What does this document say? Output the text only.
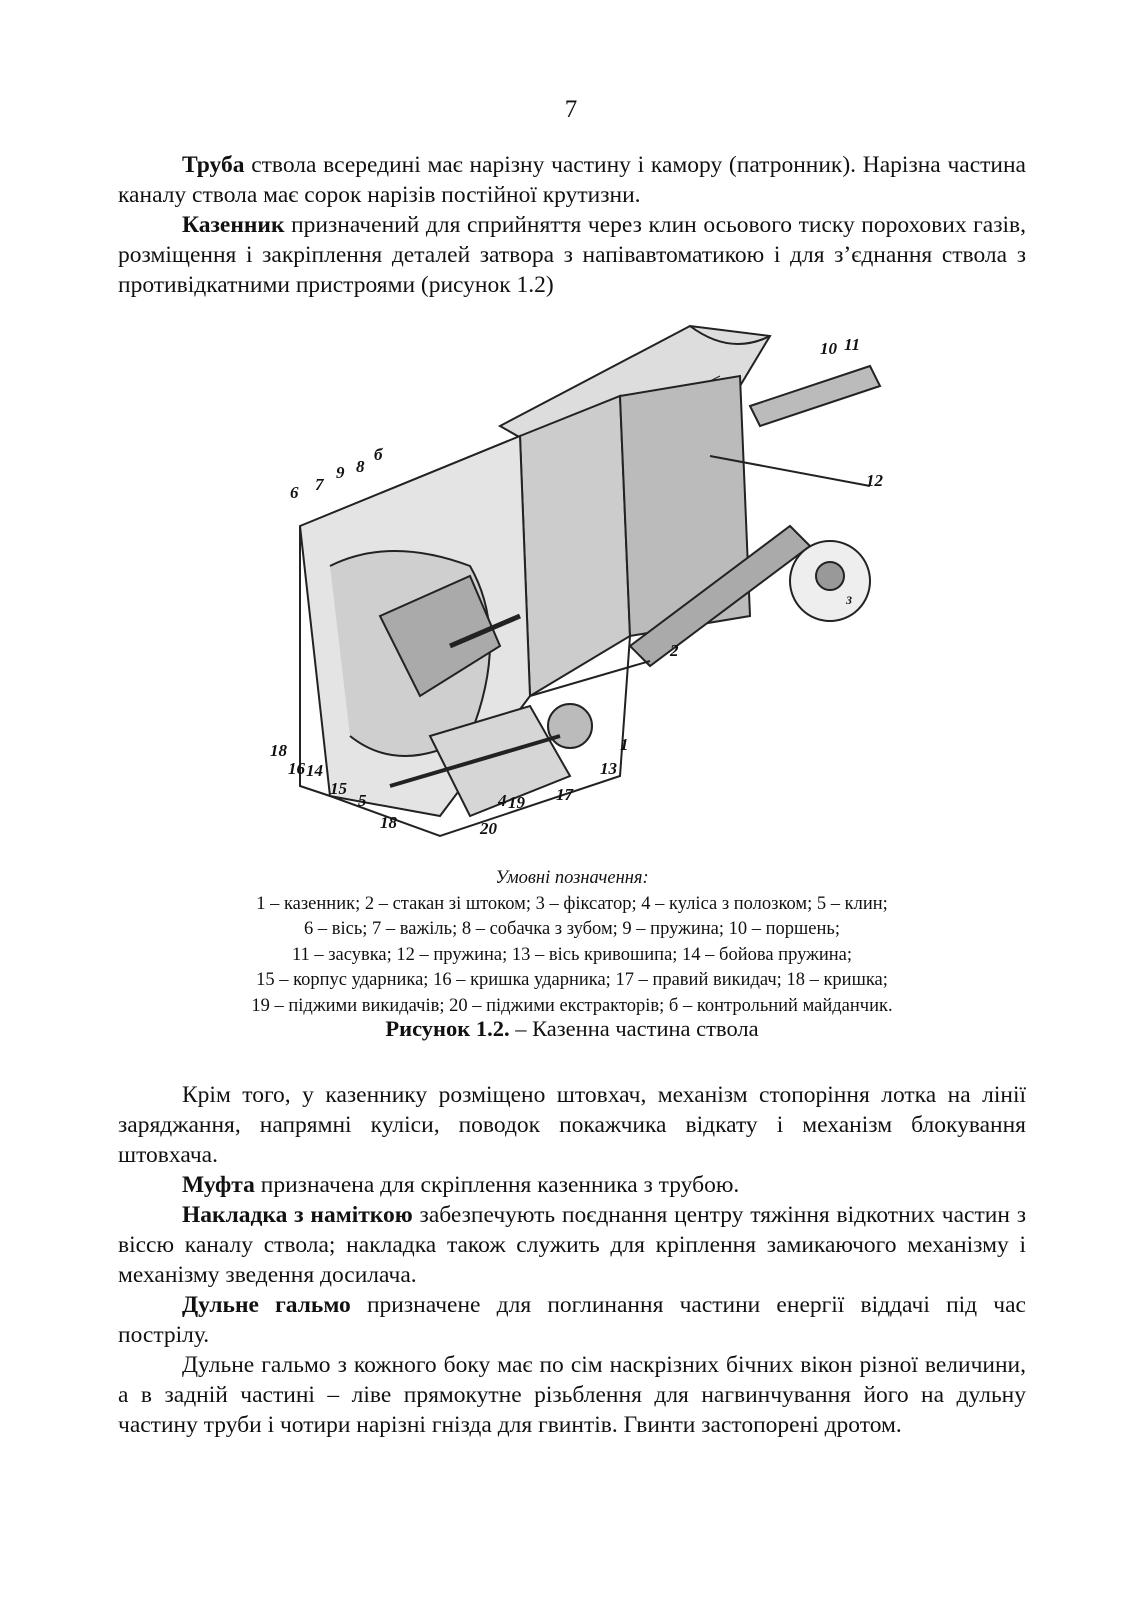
7

Труба ствола всередині має нарізну частину і камору (патронник). Нарізна частина каналу ствола має сорок нарізів постійної крутизни.

Казенник призначений для сприйняття через клин осьового тиску порохових газів, розміщення і закріплення деталей затвора з напівавтоматикою і для з’єднання ствола з противідкатними пристроями (рисунок 1.2)

1
2
3
4
5
6 7
8
9
10 11
12
13
14
15
16
17
18
18
19
20
б
Умовні позначення:
1 – казенник; 2 – стакан зі штоком; 3 – фіксатор; 4 – куліса з полозком; 5 – клин;
6 – вісь; 7 – важіль; 8 – собачка з зубом; 9 – пружина; 10 – поршень;
11 – засувка; 12 – пружина; 13 – вісь кривошипа; 14 – бойова пружина;
15 – корпус ударника; 16 – кришка ударника; 17 – правий викидач; 18 – кришка;
19 – піджими викидачів; 20 – піджими екстракторів; б – контрольний майданчик.
Рисунок 1.2. – Казенна частина ствола

Крім того, у казеннику розміщено штовхач, механізм стопоріння лотка на лінії заряджання, напрямні куліси, поводок покажчика відкату і механізм блокування штовхача.

Муфта призначена для скріплення казенника з трубою.

Накладка з наміткою забезпечують поєднання центру тяжіння відкотних частин з віссю каналу ствола; накладка також служить для кріплення замикаючого механізму і механізму зведення досилача.

Дульне гальмо призначене для поглинання частини енергії віддачі під час пострілу.

Дульне гальмо з кожного боку має по сім наскрізних бічних вікон різної величини, а в задній частині – ліве прямокутне різьблення для нагвинчування його на дульну частину труби і чотири нарізні гнізда для гвинтів. Гвинти застопорені дротом.
